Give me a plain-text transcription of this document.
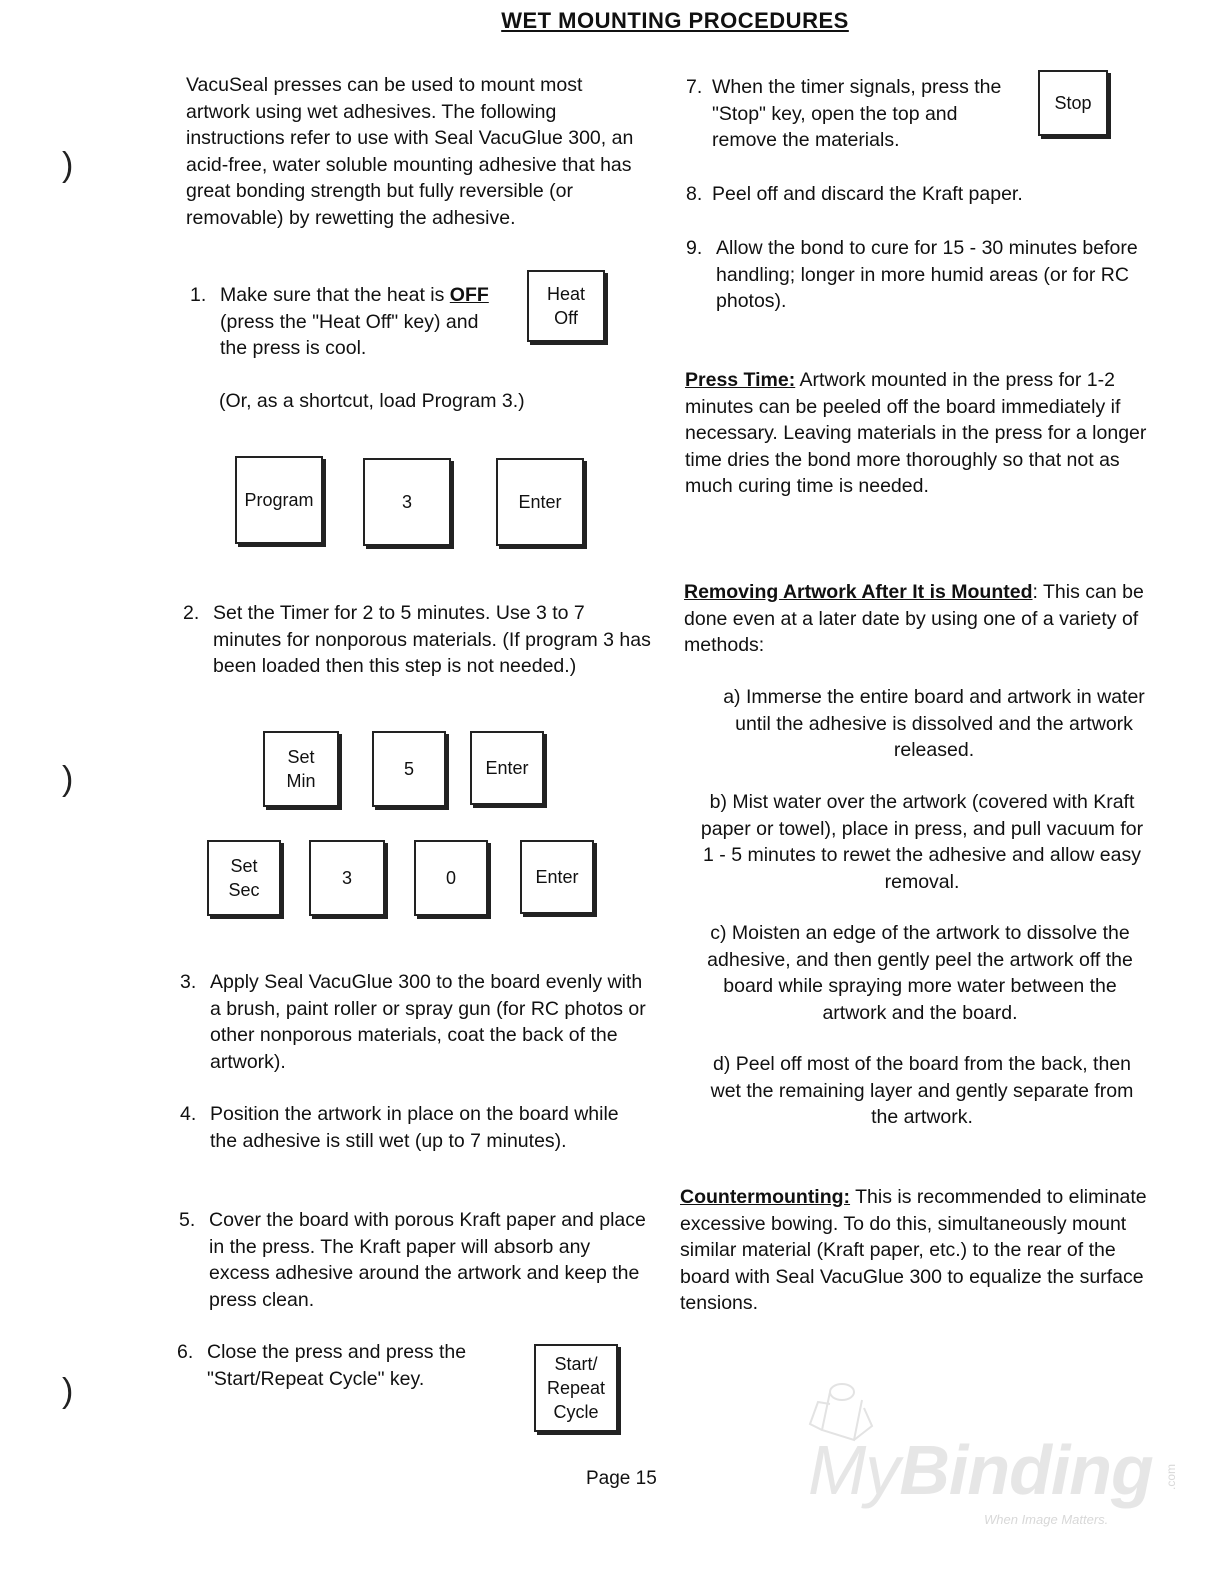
WET MOUNTING PROCEDURES
)
)
)
VacuSeal presses can be used to mount most artwork using wet adhesives. The following instructions refer to use with Seal VacuGlue 300, an acid-free, water soluble mounting adhesive that has great bonding strength but fully reversible (or removable) by rewetting the adhesive.
1. Make sure that the heat is OFF (press the "Heat Off" key) and the press is cool.
Heat
Off
(Or, as a shortcut, load Program 3.)
Program	3	Enter
2. Set the Timer for 2 to 5 minutes. Use 3 to 7 minutes for nonporous materials. (If program 3 has been loaded then this step is not needed.)
Set
Min
5	Enter
Set
Sec
3	0	Enter
3. Apply Seal VacuGlue 300 to the board evenly with a brush, paint roller or spray gun (for RC photos or other nonporous materials, coat the back of the artwork).
4. Position the artwork in place on the board while the adhesive is still wet (up to 7 minutes).
5. Cover the board with porous Kraft paper and place in the press. The Kraft paper will absorb any excess adhesive around the artwork and keep the press clean.
6. Close the press and press the "Start/Repeat Cycle" key.
Start/
Repeat
Cycle
7. When the timer signals, press the "Stop" key, open the top and remove the materials.
Stop
8. Peel off and discard the Kraft paper.
9. Allow the bond to cure for 15 - 30 minutes before handling; longer in more humid areas (or for RC photos).
Press Time: Artwork mounted in the press for 1-2 minutes can be peeled off the board immediately if necessary. Leaving materials in the press for a longer time dries the bond more thoroughly so that not as much curing time is needed.
Removing Artwork After It is Mounted: This can be done even at a later date by using one of a variety of methods:
a) Immerse the entire board and artwork in water until the adhesive is dissolved and the artwork released.
b) Mist water over the artwork (covered with Kraft paper or towel), place in press, and pull vacuum for 1 - 5 minutes to rewet the adhesive and allow easy removal.
c) Moisten an edge of the artwork to dissolve the adhesive, and then gently peel the artwork off the board while spraying more water between the artwork and the board.
d) Peel off most of the board from the back, then wet the remaining layer and gently separate from the artwork.
Countermounting: This is recommended to eliminate excessive bowing. To do this, simultaneously mount similar material (Kraft paper, etc.) to the rear of the board with Seal VacuGlue 300 to equalize the surface tensions.
Page 15 MyBinding .com
When Image Matters.
